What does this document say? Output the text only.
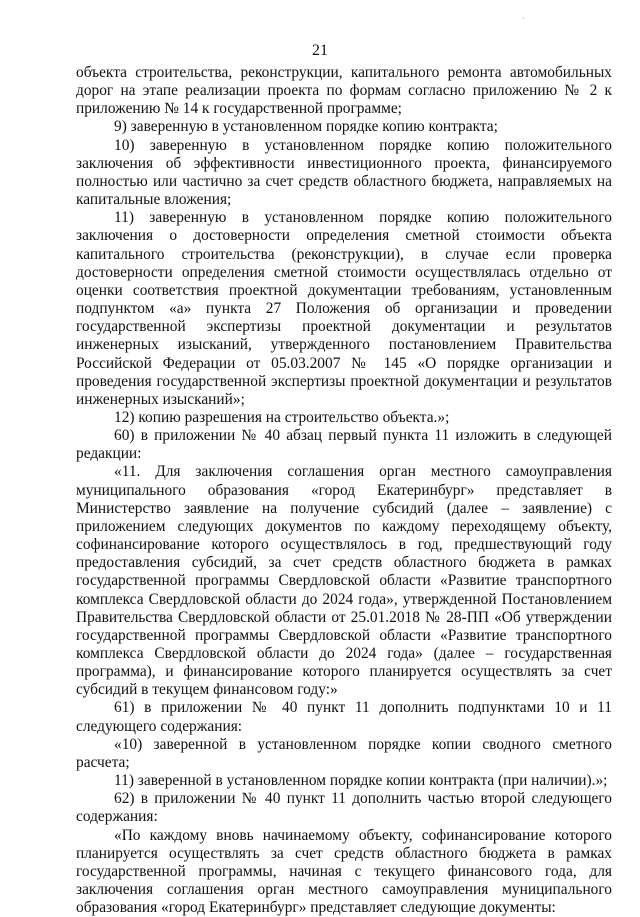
·
21

объекта строительства, реконструкции, капитального ремонта автомобильных дорог на этапе реализации проекта по формам согласно приложению № 2 к приложению № 14 к государственной программе;

9) заверенную в установленном порядке копию контракта;

10) заверенную в установленном порядке копию положительного заключения об эффективности инвестиционного проекта, финансируемого полностью или частично за счет средств областного бюджета, направляемых на капитальные вложения;

11) заверенную в установленном порядке копию положительного заключения о достоверности определения сметной стоимости объекта капитального строительства (реконструкции), в случае если проверка достоверности определения сметной стоимости осуществлялась отдельно от оценки соответствия проектной документации требованиям, установленным подпунктом «а» пункта 27 Положения об организации и проведении государственной экспертизы проектной документации и результатов инженерных изысканий, утвержденного постановлением Правительства Российской Федерации от 05.03.2007 № 145 «О порядке организации и проведения государственной экспертизы проектной документации и результатов инженерных изысканий»;

12) копию разрешения на строительство объекта.»;

60) в приложении № 40 абзац первый пункта 11 изложить в следующей редакции:

«11. Для заключения соглашения орган местного самоуправления муниципального образования «город Екатеринбург» представляет в Министерство заявление на получение субсидий (далее – заявление) с приложением следующих документов по каждому переходящему объекту, софинансирование которого осуществлялось в год, предшествующий году предоставления субсидий, за счет средств областного бюджета в рамках государственной программы Свердловской области «Развитие транспортного комплекса Свердловской области до 2024 года», утвержденной Постановлением Правительства Свердловской области от 25.01.2018 № 28-ПП «Об утверждении государственной программы Свердловской области «Развитие транспортного комплекса Свердловской области до 2024 года» (далее – государственная программа), и финансирование которого планируется осуществлять за счет субсидий в текущем финансовом году:»

61) в приложении № 40 пункт 11 дополнить подпунктами 10 и 11 следующего содержания:

«10) заверенной в установленном порядке копии сводного сметного расчета;

11) заверенной в установленном порядке копии контракта (при наличии).»;

62) в приложении № 40 пункт 11 дополнить частью второй следующего содержания:

«По каждому вновь начинаемому объекту, софинансирование которого планируется осуществлять за счет средств областного бюджета в рамках государственной программы, начиная с текущего финансового года, для заключения соглашения орган местного самоуправления муниципального образования «город Екатеринбург» представляет следующие документы:
